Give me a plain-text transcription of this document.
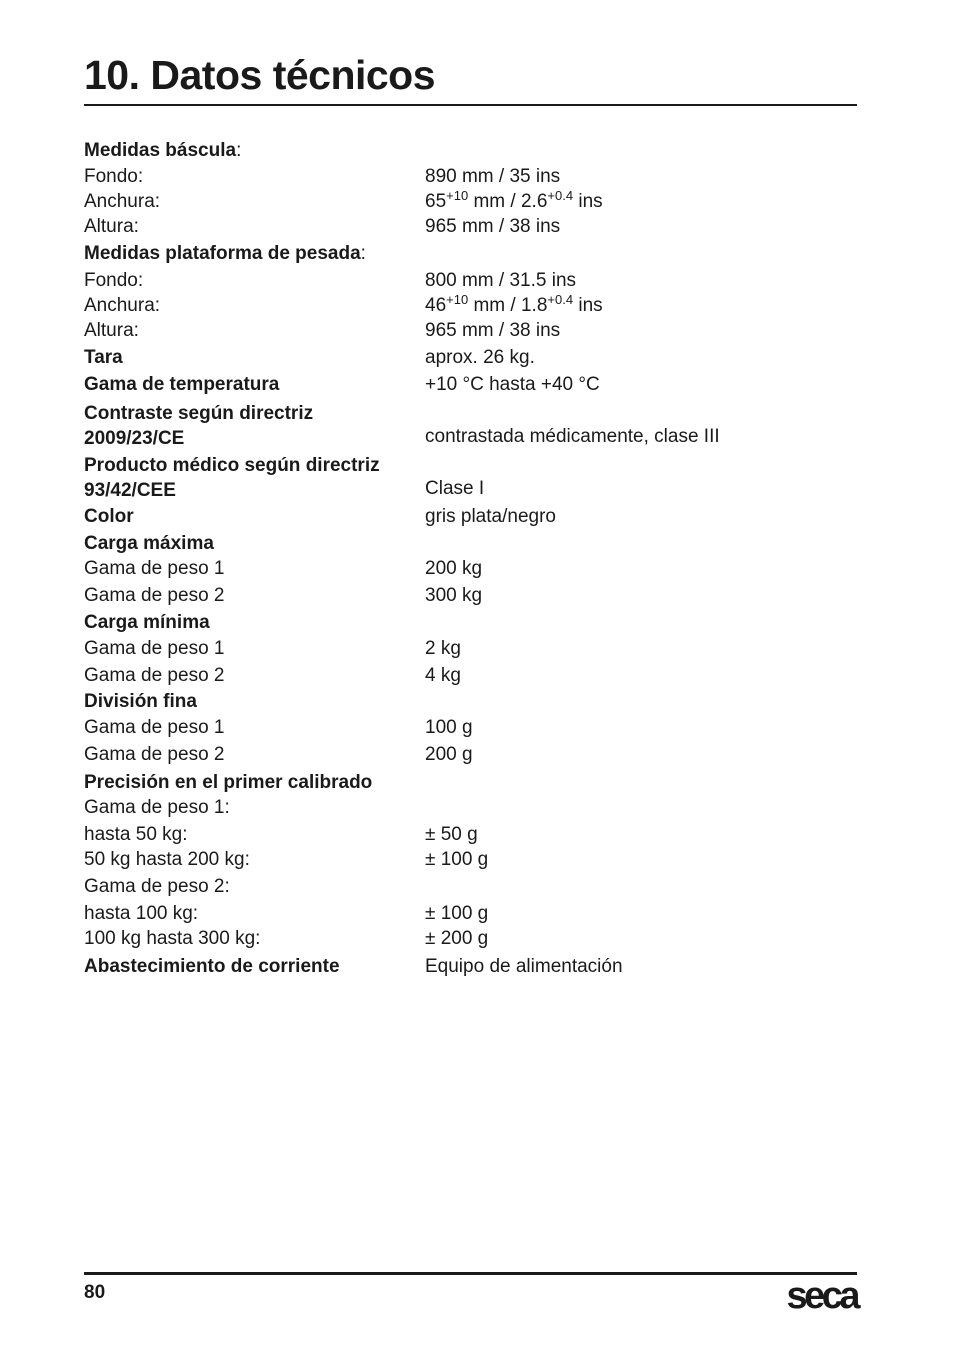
10. Datos técnicos
Medidas báscula:
Fondo:	890 mm / 35 ins
Anchura:	$65^{+10}$ mm / $2.6^{+0.4}$ ins
Altura:	965 mm / 38 ins
Medidas plataforma de pesada:
Fondo:	800 mm / 31.5 ins
Anchura:	$46^{+10}$ mm / $1.8^{+0.4}$ ins
Altura:	965 mm / 38 ins
Tara	aprox. 26 kg.
Gama de temperatura	+10 °C hasta +40 °C
Contraste según directriz
2009/23/CE	contrastada médicamente, clase III
Producto médico según directriz
93/42/CEE	Clase I
Color	gris plata/negro
Carga máxima
Gama de peso 1	200 kg
Gama de peso 2	300 kg
Carga mínima
Gama de peso 1	2 kg
Gama de peso 2	4 kg
División fina
Gama de peso 1	100 g
Gama de peso 2	200 g
Precisión en el primer calibrado
Gama de peso 1:
hasta 50 kg:	± 50 g
50 kg hasta 200 kg:	± 100 g
Gama de peso 2:
hasta 100 kg:	± 100 g
100 kg hasta 300 kg:	± 200 g
Abastecimiento de corriente	Equipo de alimentación
80	seca
